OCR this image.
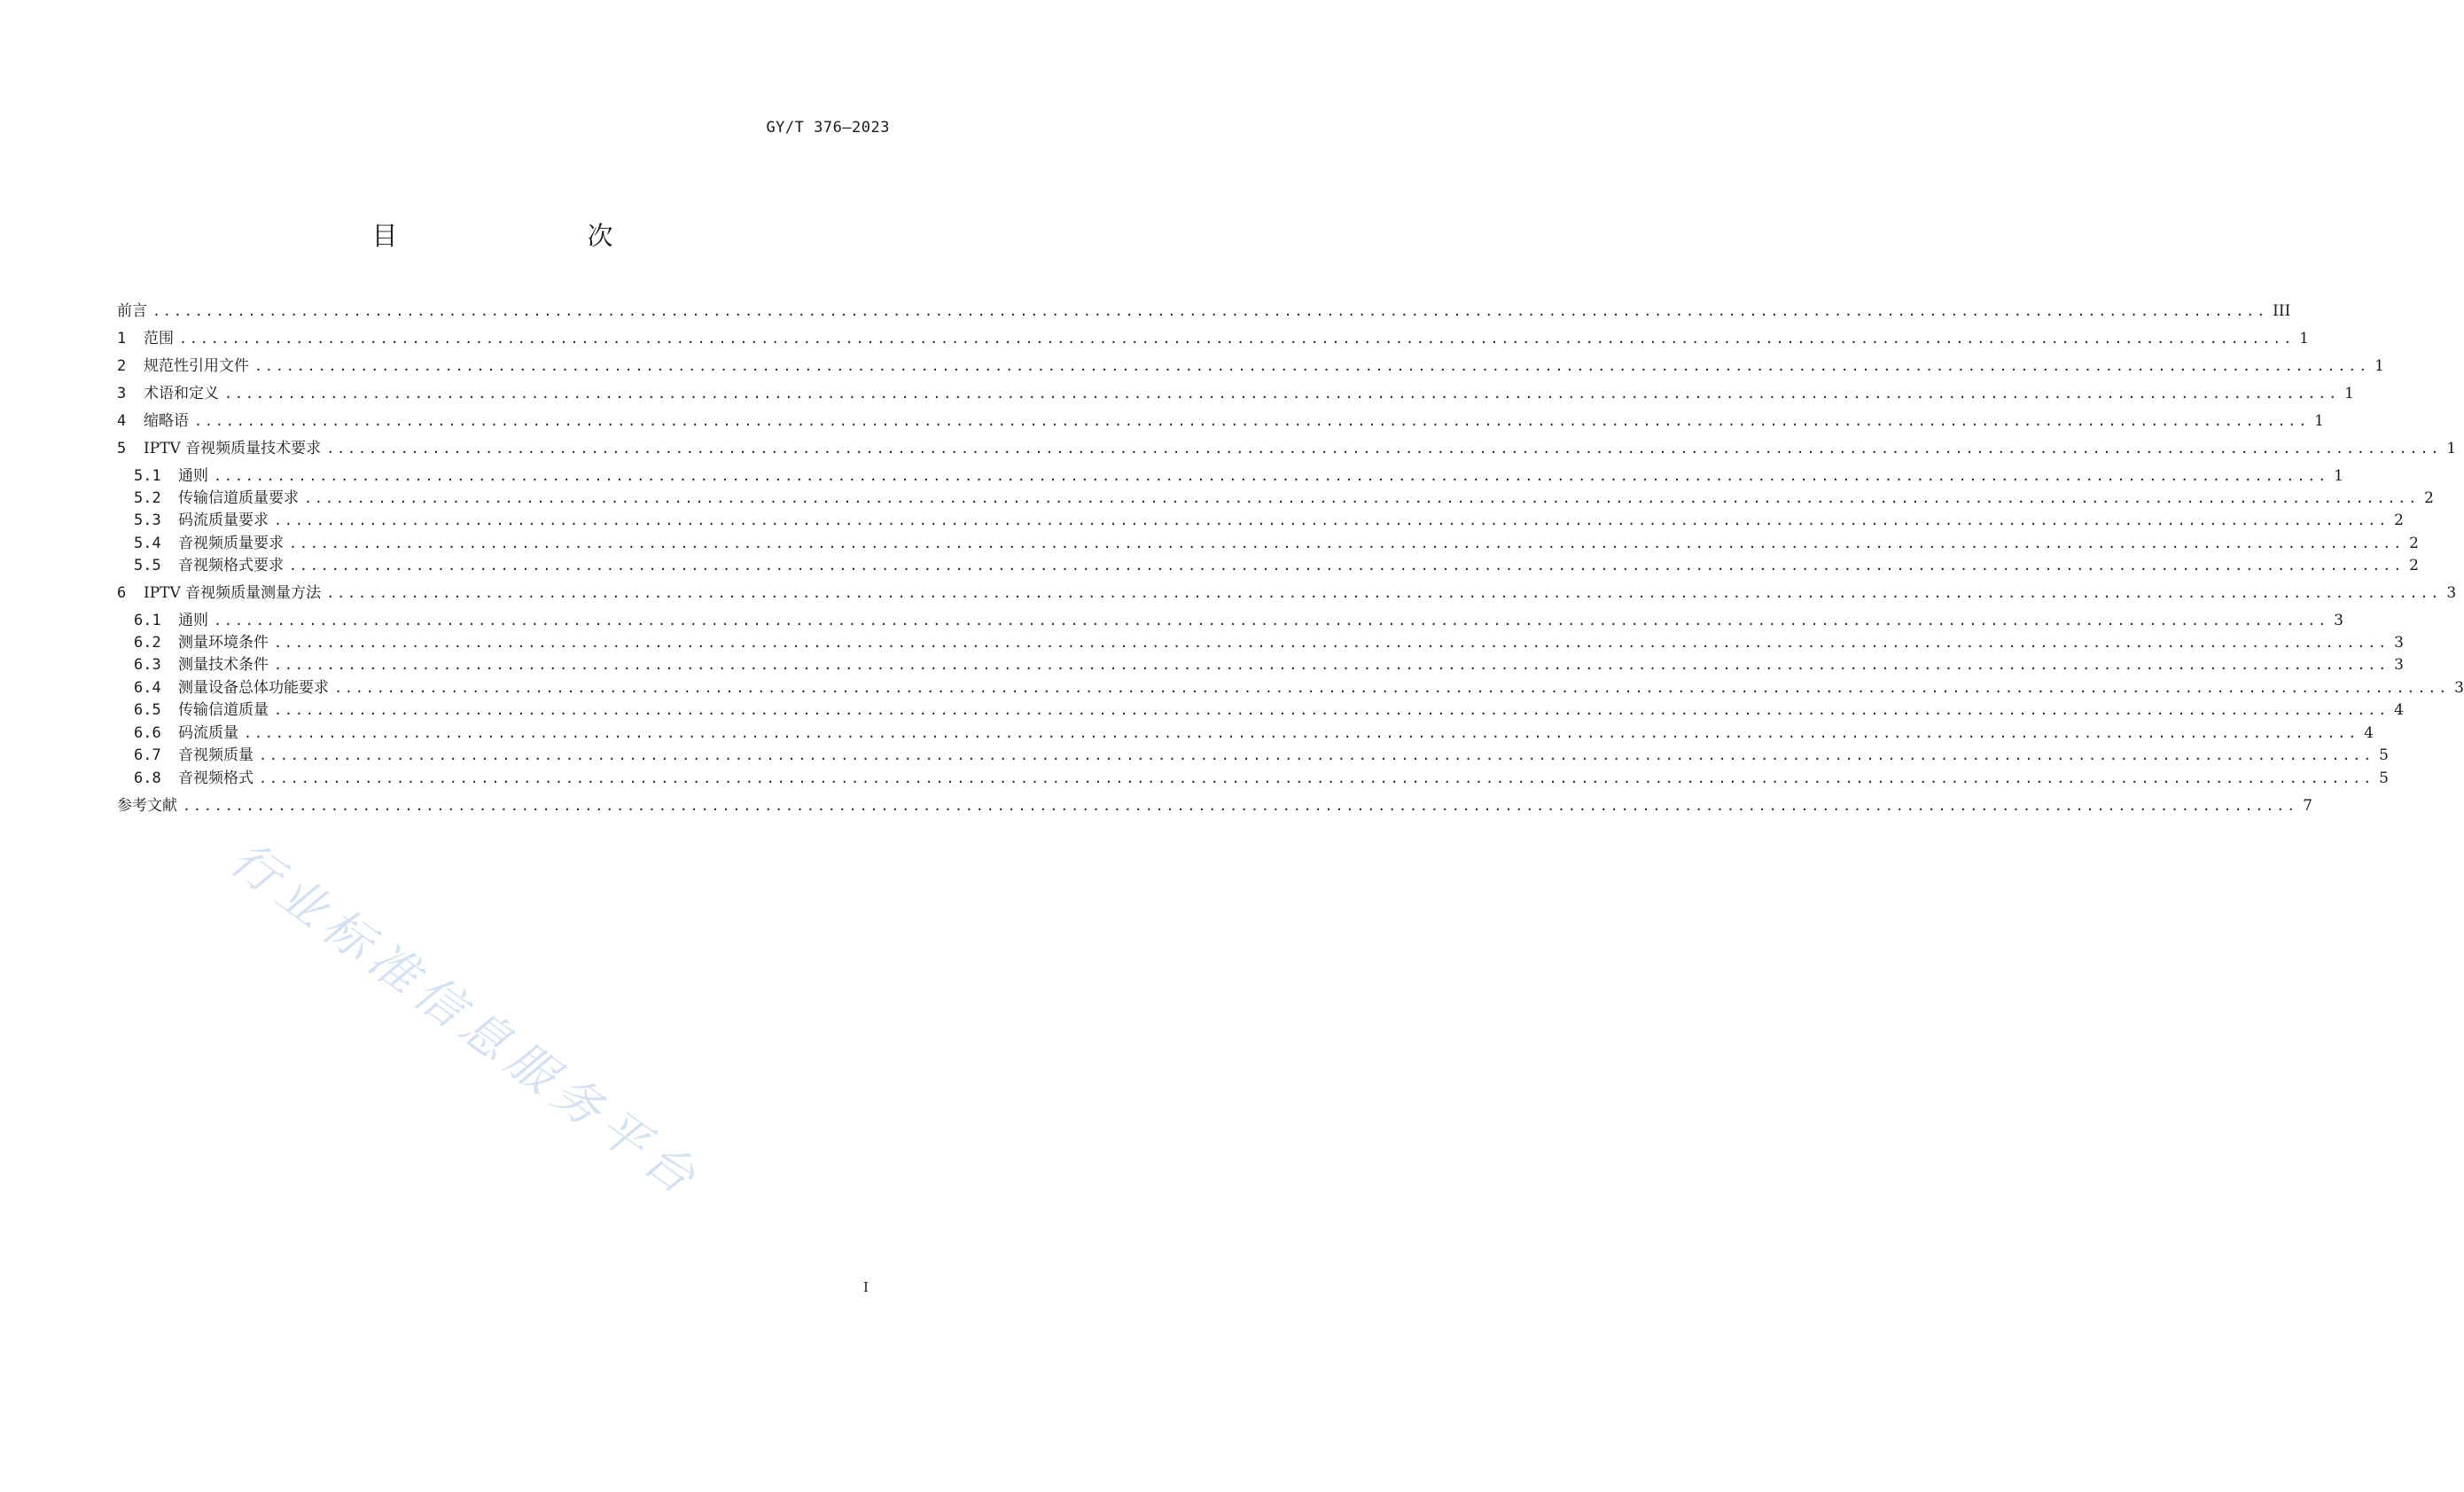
GY/T 376—2023
目　　次
前言 ........................................................................................................................................................................................................ III
1	范围 ........................................................................................................................................................................................................ 1
2	规范性引用文件 ........................................................................................................................................................................................................ 1
3	术语和定义 ........................................................................................................................................................................................................ 1
4	缩略语 ........................................................................................................................................................................................................ 1
5	IPTV 音视频质量技术要求 ........................................................................................................................................................................................................ 1
5.1	通则 ........................................................................................................................................................................................................ 1
5.2	传输信道质量要求 ........................................................................................................................................................................................................ 2
5.3	码流质量要求 ........................................................................................................................................................................................................ 2
5.4	音视频质量要求 ........................................................................................................................................................................................................ 2
5.5	音视频格式要求 ........................................................................................................................................................................................................ 2
6	IPTV 音视频质量测量方法 ........................................................................................................................................................................................................ 3
6.1	通则 ........................................................................................................................................................................................................ 3
6.2	测量环境条件 ........................................................................................................................................................................................................ 3
6.3	测量技术条件 ........................................................................................................................................................................................................ 3
6.4	测量设备总体功能要求 ........................................................................................................................................................................................................ 3
6.5	传输信道质量 ........................................................................................................................................................................................................ 4
6.6	码流质量 ........................................................................................................................................................................................................ 4
6.7	音视频质量 ........................................................................................................................................................................................................ 5
6.8	音视频格式 ........................................................................................................................................................................................................ 5
参考文献 ........................................................................................................................................................................................................ 7
I
行业标准信息服务平台
